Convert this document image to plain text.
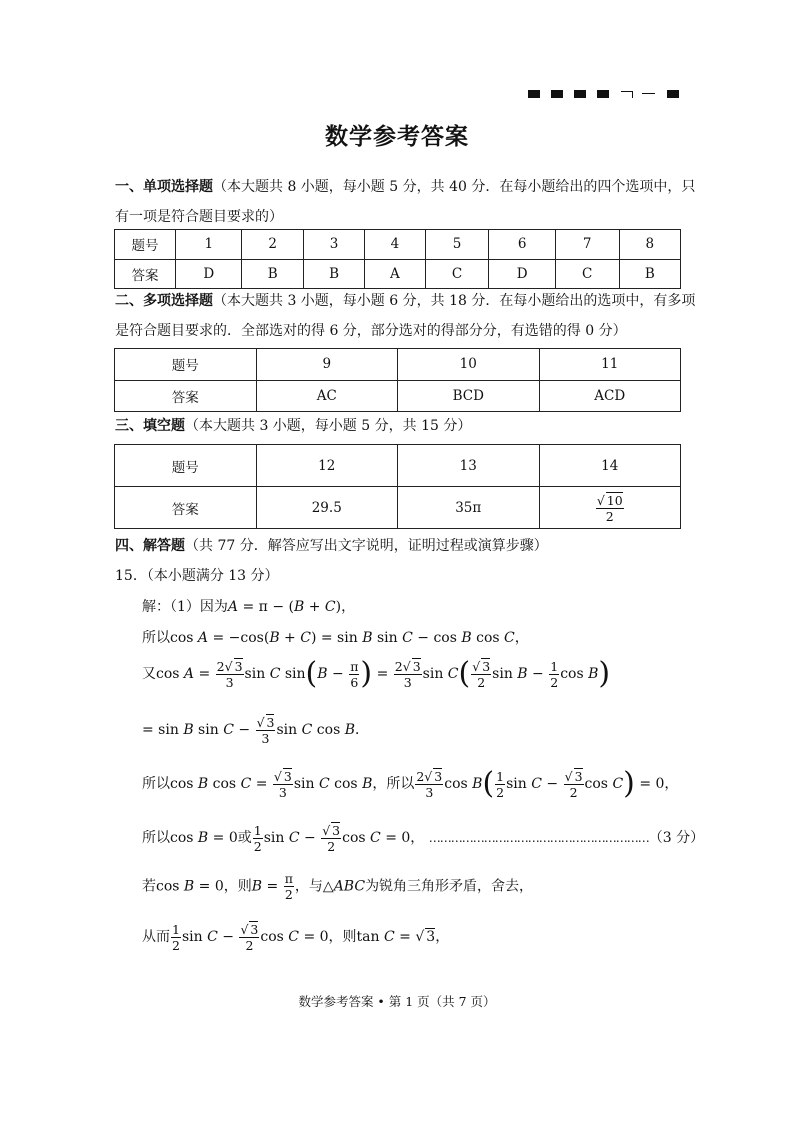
数学参考答案
一、单项选择题（本大题共 8 小题，每小题 5 分，共 40 分．在每小题给出的四个选项中，只
有一项是符合题目要求的）
题号	1	2	3	4	5	6	7	8
答案	D	B	B	A	C	D	C	B
二、多项选择题（本大题共 3 小题，每小题 6 分，共 18 分．在每小题给出的选项中，有多项
是符合题目要求的．全部选对的得 6 分，部分选对的得部分分，有选错的得 0 分）
题号	9	10	11
答案	AC	BCD	ACD
三、填空题（本大题共 3 小题，每小题 5 分，共 15 分）
题号	12	13	14
答案	29.5	35π	$\frac{√ 10}{2}$
四、解答题（共 77 分．解答应写出文字说明，证明过程或演算步骤）
15．（本小题满分 13 分）
解：（1）因为A = π − (B + C)，
所以cos A = −cos(B + C) = sin B sin C − cos B cos C，
又$\cos A = \frac{2√ 3}{3}$ sin C $\sin(B - \frac{\pi}{6}$ ) = $\frac{2√ 3}{3}$ $\sin C( \frac{√ 3}{2}$ $\sin B - \frac{1}{2}$ cos B)
= sin B $\sin C - \frac{√ 3}{3}$ sin C cos B．
所以cos B $\cos C = \frac{√ 3}{3}$ sin C cos B，所以 $\frac{2√ 3}{3}$ $\cos B( \frac{1}{2}$ $\sin C - \frac{√ 3}{2}$ cos C) = 0，
所以cos B = 0或 $\frac{1}{2}$ $\sin C - \frac{√ 3}{2}$ cos C = 0， ……………………………………………………（3 分）
若cos B = 0，则$B = \frac{\pi}{2}$ ，与△ABC为锐角三角形矛盾，舍去，
从而 $\frac{1}{2}$ $\sin C - \frac{√ 3}{2}$ cos C = 0，则tan C = √ 3，
数学参考答案 • 第 1 页（共 7 页）
